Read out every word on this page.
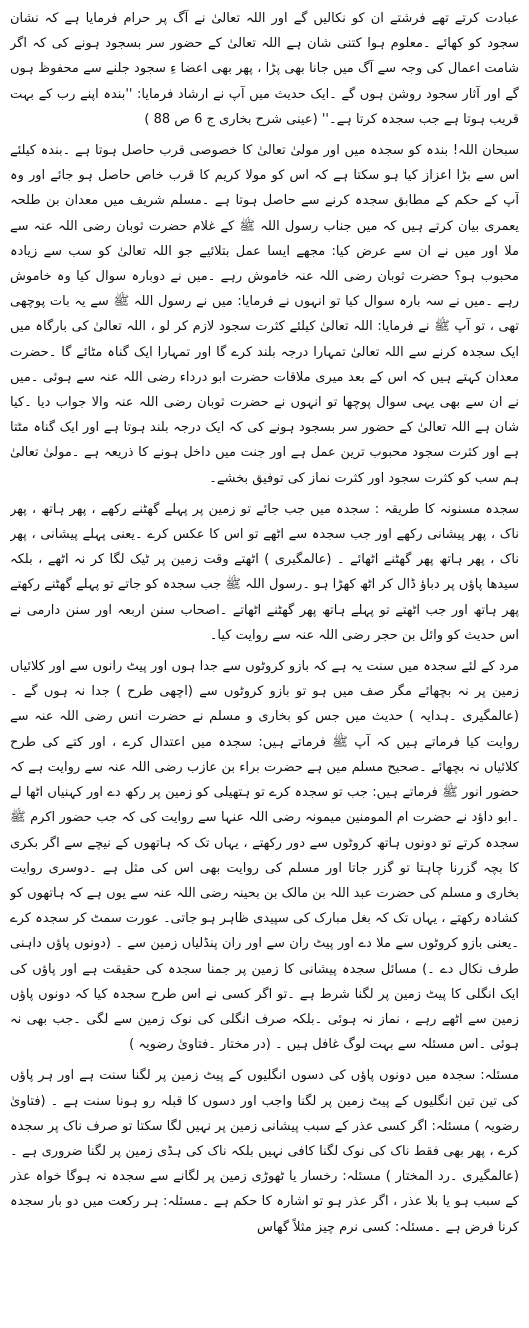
عبادت کرتے تھے فرشتے ان کو نکالیں گے اور اللہ تعالیٰ نے آگ پر حرام فرمایا ہے کہ نشان سجود کو کھائے ۔معلوم ہوا کتنی شان ہے اللہ تعالیٰ کے حضور سر بسجود ہونے کی کہ اگر شامت اعمال کی وجہ سے آگ میں جانا بھی پڑا ، پھر بھی اعضا ءِ سجود جلنے سے محفوظ ہوں گے اور آثار سجود روشن ہوں گے ۔ایک حدیث میں آپ نے ارشاد فرمایا: ''بندہ اپنے رب کے بہت قریب ہوتا ہے جب سجدہ کرتا ہے۔'' (عینی شرح بخاری ج 6 ص 88 )

سبحان اللہ! بندہ کو سجدہ میں اور مولیٰ تعالیٰ کا خصوصی قرب حاصل ہوتا ہے ۔بندہ کیلئے اس سے بڑا اعزاز کیا ہو سکتا ہے کہ اس کو مولا کریم کا قرب خاص حاصل ہو جائے اور وہ آپ کے حکم کے مطابق سجدہ کرنے سے حاصل ہوتا ہے ۔مسلم شریف میں معدان بن طلحہ یعمری بیان کرتے ہیں کہ میں جناب رسول اللہ ﷺ کے غلام حضرت ثوبان رضی اللہ عنہ سے ملا اور میں نے ان سے عرض کیا: مجھے ایسا عمل بتلائیے جو اللہ تعالیٰ کو سب سے زیادہ محبوب ہو؟ حضرت ثوبان رضی اللہ عنہ خاموش رہے ۔میں نے دوبارہ سوال کیا وہ خاموش رہے ۔میں نے سہ بارہ سوال کیا تو انہوں نے فرمایا: میں نے رسول اللہ ﷺ سے یہ بات پوچھی تھی ، تو آپ ﷺ نے فرمایا: اللہ تعالیٰ کیلئے کثرت سجود لازم کر لو ، اللہ تعالیٰ کی بارگاہ میں ایک سجدہ کرنے سے اللہ تعالیٰ تمہارا درجہ بلند کرے گا اور تمہارا ایک گناہ مٹائے گا ۔حضرت معدان کہتے ہیں کہ اس کے بعد میری ملاقات حضرت ابو درداء رضی اللہ عنہ سے ہوئی ۔میں نے ان سے بھی یہی سوال پوچھا تو انہوں نے حضرت ثوبان رضی اللہ عنہ والا جواب دیا ۔کیا شان ہے اللہ تعالیٰ کے حضور سر بسجود ہونے کی کہ ایک درجہ بلند ہوتا ہے اور ایک گناہ مٹتا ہے اور کثرت سجود محبوب ترین عمل ہے اور جنت میں داخل ہونے کا ذریعہ ہے ۔مولیٰ تعالیٰ ہم سب کو کثرت سجود اور کثرت نماز کی توفیق بخشے۔

سجدہ مسنونہ کا طریقہ : سجدہ میں جب جائے تو زمین پر پہلے گھٹنے رکھے ، پھر ہاتھ ، پھر ناک ، پھر پیشانی رکھے اور جب سجدہ سے اٹھے تو اس کا عکس کرے ۔یعنی پہلے پیشانی ، پھر ناک ، پھر ہاتھ پھر گھٹنے اٹھائے ۔ (عالمگیری ) اٹھتے وقت زمین پر ٹیک لگا کر نہ اٹھے ، بلکہ سیدھا پاؤں پر دباؤ ڈال کر اٹھ کھڑا ہو ۔رسول اللہ ﷺ جب سجدہ کو جاتے تو پہلے گھٹنے رکھتے پھر ہاتھ اور جب اٹھتے تو پہلے ہاتھ پھر گھٹنے اٹھاتے ۔اصحاب سنن اربعہ اور سنن دارمی نے اس حدیث کو وائل بن حجر رضی اللہ عنہ سے روایت کیا۔

مرد کے لئے سجدہ میں سنت یہ ہے کہ بازو کروٹوں سے جدا ہوں اور پیٹ رانوں سے اور کلائیاں زمین پر نہ بچھائے مگر صف میں ہو تو بازو کروٹوں سے (اچھی طرح ) جدا نہ ہوں گے ۔ (عالمگیری ۔ہدایہ ) حدیث میں جس کو بخاری و مسلم نے حضرت انس رضی اللہ عنہ سے روایت کیا فرماتے ہیں کہ آپ ﷺ فرماتے ہیں: سجدہ میں اعتدال کرے ، اور کتے کی طرح کلائیاں نہ بچھائے ۔صحیح مسلم میں ہے حضرت براء بن عازب رضی اللہ عنہ سے روایت ہے کہ حضور انور ﷺ فرماتے ہیں: جب تو سجدہ کرے تو ہتھیلی کو زمین پر رکھ دے اور کہنیاں اٹھا لے ۔ابو داؤد نے حضرت ام المومنین میمونہ رضی اللہ عنہا سے روایت کی کہ جب حضور اکرم ﷺ سجدہ کرتے تو دونوں ہاتھ کروٹوں سے دور رکھتے ، یہاں تک کہ ہاتھوں کے نیچے سے اگر بکری کا بچہ گزرنا چاہتا تو گزر جاتا اور مسلم کی روایت بھی اس کی مثل ہے ۔دوسری روایت بخاری و مسلم کی حضرت عبد اللہ بن مالک بن بحینہ رضی اللہ عنہ سے یوں ہے کہ ہاتھوں کو کشادہ رکھتے ، یہاں تک کہ بغل مبارک کی سپیدی ظاہر ہو جاتی۔ عورت سمٹ کر سجدہ کرے ۔یعنی بازو کروٹوں سے ملا دے اور پیٹ ران سے اور ران پنڈلیاں زمین سے ۔ (دونوں پاؤں داہنی طرف نکال دے ۔) مسائل سجدہ پیشانی کا زمین پر جمنا سجدہ کی حقیقت ہے اور پاؤں کی ایک انگلی کا پیٹ زمین پر لگنا شرط ہے ۔تو اگر کسی نے اس طرح سجدہ کیا کہ دونوں پاؤں زمین سے اٹھے رہے ، نماز نہ ہوئی ۔بلکہ صرف انگلی کی نوک زمین سے لگی ۔جب بھی نہ ہوئی ۔اس مسئلہ سے بہت لوگ غافل ہیں ۔ (در مختار ۔فتاویٰ رضویہ )

مسئلہ: سجدہ میں دونوں پاؤں کی دسوں انگلیوں کے پیٹ زمین پر لگنا سنت ہے اور ہر پاؤں کی تین تین انگلیوں کے پیٹ زمین پر لگنا واجب اور دسوں کا قبلہ رو ہونا سنت ہے ۔ (فتاویٰ رضویہ ) مسئلہ: اگر کسی عذر کے سبب پیشانی زمین پر نہیں لگا سکتا تو صرف ناک پر سجدہ کرے ، پھر بھی فقط ناک کی نوک لگنا کافی نہیں بلکہ ناک کی ہڈی زمین پر لگنا ضروری ہے ۔ (عالمگیری ۔رد المختار ) مسئلہ: رخسار یا ٹھوڑی زمین پر لگانے سے سجدہ نہ ہوگا خواہ عذر کے سبب ہو یا بلا عذر ، اگر عذر ہو تو اشارہ کا حکم ہے ۔مسئلہ: ہر رکعت میں دو بار سجدہ کرنا فرض ہے ۔مسئلہ: کسی نرم چیز مثلاً گھاس
